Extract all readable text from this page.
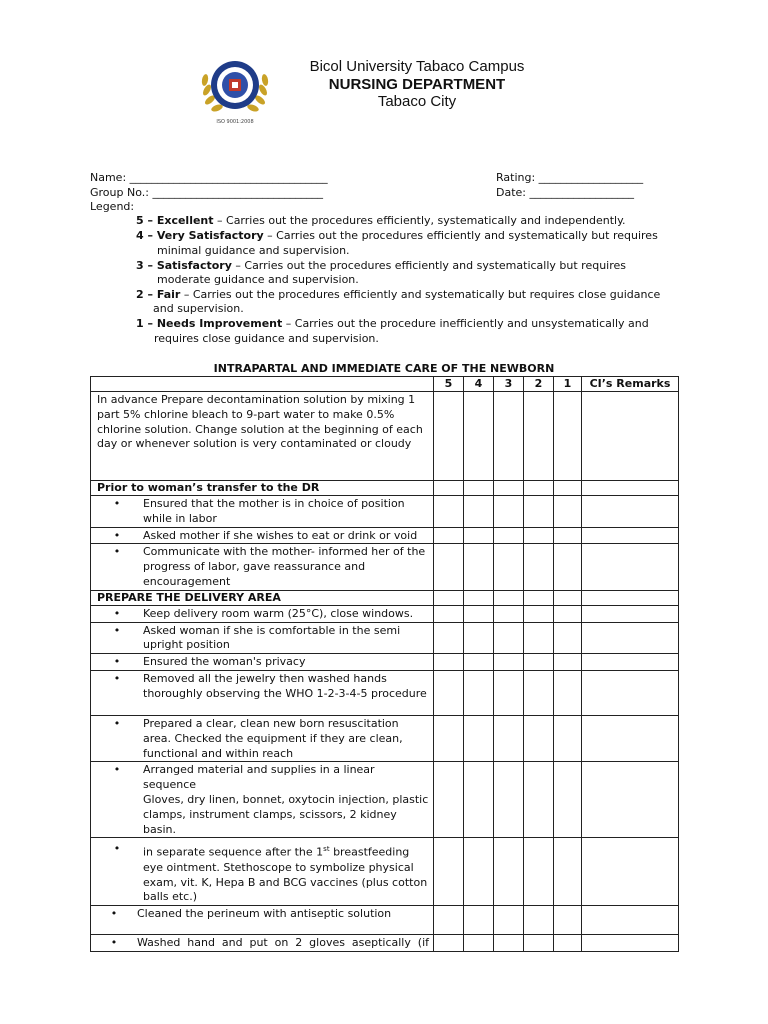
ISO 9001:2008
Bicol University Tabaco Campus
NURSING DEPARTMENT
Tabaco City
Name: ____________________________________	Rating: ___________________
Group No.: _______________________________	Date: ___________________
Legend:
5 – Excellent – Carries out the procedures efficiently, systematically and independently.
4 – Very Satisfactory – Carries out the procedures efficiently and systematically but requires
minimal guidance and supervision.
3 – Satisfactory – Carries out the procedures efficiently and systematically but requires
moderate guidance and supervision.
2 – Fair – Carries out the procedures efficiently and systematically but requires close guidance
and supervision.
1 – Needs Improvement – Carries out the procedure inefficiently and unsystematically and
requires close guidance and supervision.
INTRAPARTAL AND IMMEDIATE CARE OF THE NEWBORN
	5	4	3	2	1	CI’s Remarks
In advance Prepare decontamination solution by mixing 1 part 5% chlorine bleach to 9-part water to make 0.5% chlorine solution. Change solution at the beginning of each day or whenever solution is very contaminated or cloudy						
Prior to woman’s transfer to the DR						

• Ensured that the mother is in choice of position while in labor						

• Asked mother if she wishes to eat or drink or void						

• Communicate with the mother- informed her of the progress of labor, gave reassurance and encouragement						

PREPARE THE DELIVERY AREA						

• Keep delivery room warm (25°C), close windows.						

• Asked woman if she is comfortable in the semi upright position						

• Ensured the woman's privacy						

• Removed all the jewelry then washed hands thoroughly observing the WHO 1-2-3-4-5 procedure						

• Prepared a clear, clean new born resuscitation area. Checked the equipment if they are clean, functional and within reach						

• Arranged material and supplies in a linear sequence
Gloves, dry linen, bonnet, oxytocin injection, plastic clamps, instrument clamps, scissors, 2 kidney basin.						

• in separate sequence after the 1st breastfeeding eye ointment. Stethoscope to symbolize physical exam, vit. K, Hepa B and BCG vaccines (plus cotton balls etc.)						

• Cleaned the perineum with antiseptic solution						

• Washed hand and put on 2 gloves aseptically (if						
